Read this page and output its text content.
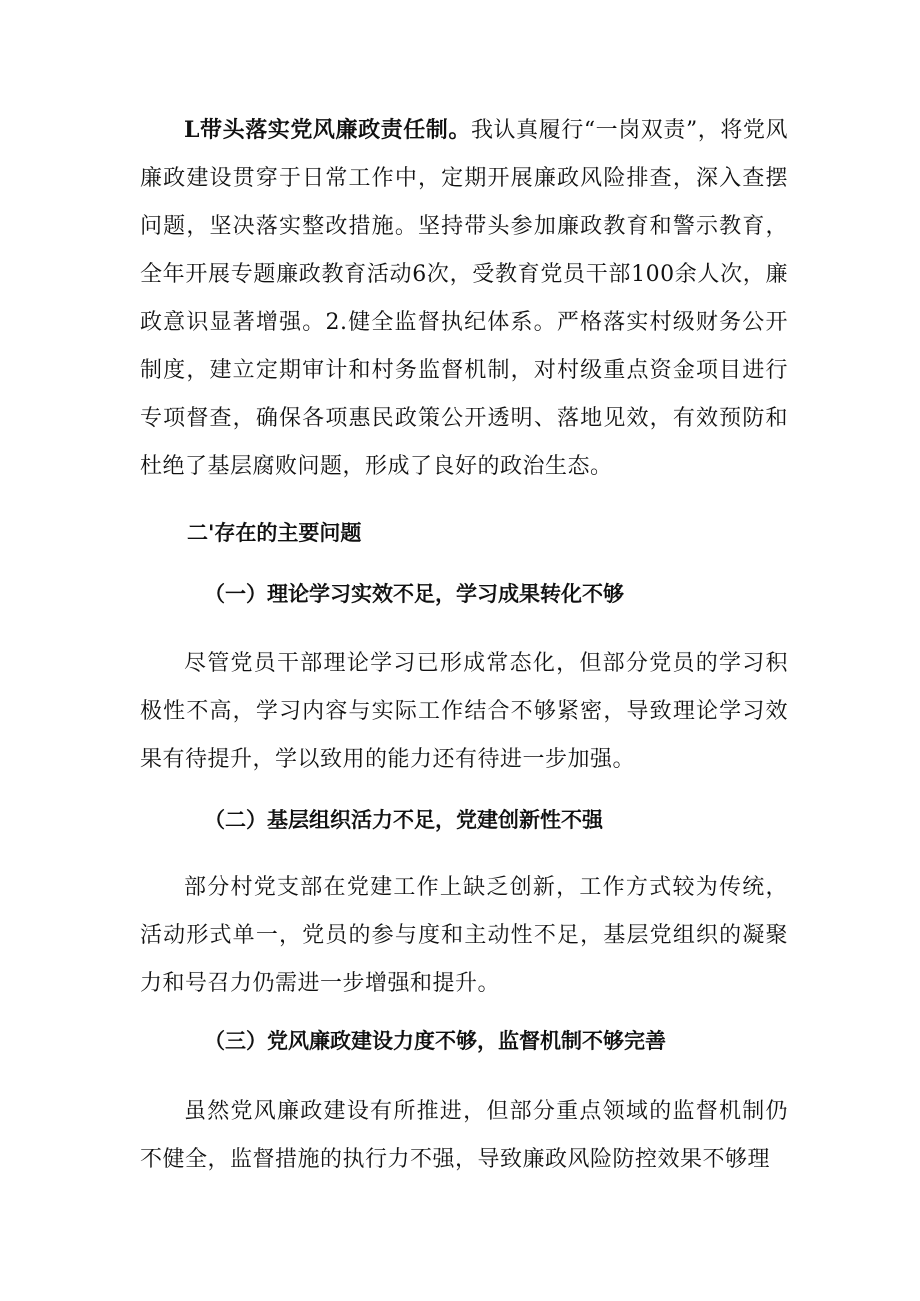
L带头落实党风廉政责任制。我认真履行“一岗双责”，将党风廉政建设贯穿于日常工作中，定期开展廉政风险排查，深入查摆问题，坚决落实整改措施。坚持带头参加廉政教育和警示教育，全年开展专题廉政教育活动6次，受教育党员干部100余人次，廉政意识显著增强。2.健全监督执纪体系。严格落实村级财务公开制度，建立定期审计和村务监督机制，对村级重点资金项目进行专项督查，确保各项惠民政策公开透明、落地见效，有效预防和杜绝了基层腐败问题，形成了良好的政治生态。

二'存在的主要问题
（一）理论学习实效不足，学习成果转化不够

尽管党员干部理论学习已形成常态化，但部分党员的学习积极性不高，学习内容与实际工作结合不够紧密，导致理论学习效果有待提升，学以致用的能力还有待进一步加强。

（二）基层组织活力不足，党建创新性不强

部分村党支部在党建工作上缺乏创新，工作方式较为传统，活动形式单一，党员的参与度和主动性不足，基层党组织的凝聚力和号召力仍需进一步增强和提升。

（三）党风廉政建设力度不够，监督机制不够完善

虽然党风廉政建设有所推进，但部分重点领域的监督机制仍不健全，监督措施的执行力不强，导致廉政风险防控效果不够理
